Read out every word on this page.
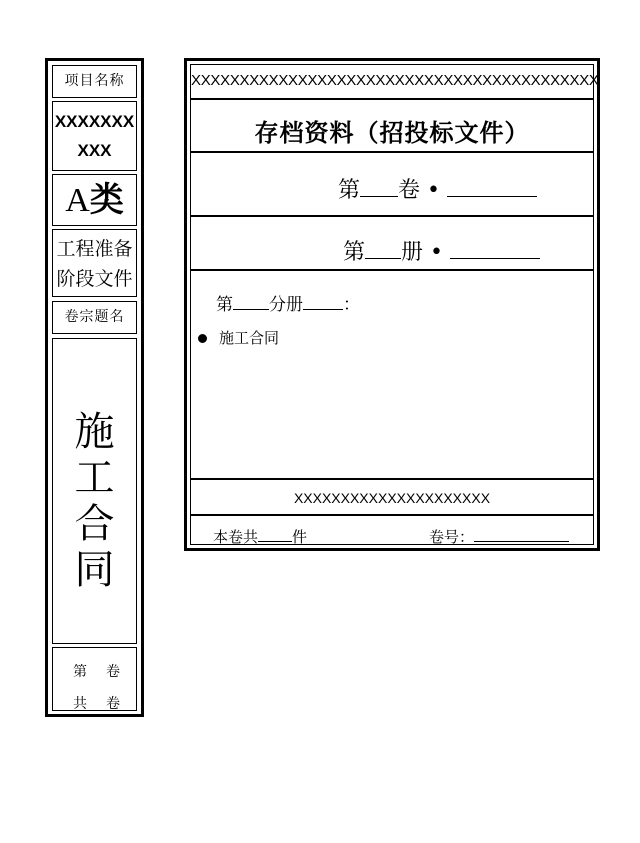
项目名称
XXXXXXX
XXX
A类
工程准备
阶段文件
卷宗题名
施
工
合
同
第 卷
共 卷
XXXXXXXXXXXXXXXXXXXXXXXXXXXXXXXXXXXXXXXXXX
存档资料（招投标文件）
第 卷 •
第 册 •
第 分册 ：
施工合同
XXXXXXXXXXXXXXXXXXXXX
本卷共 件	卷号：
